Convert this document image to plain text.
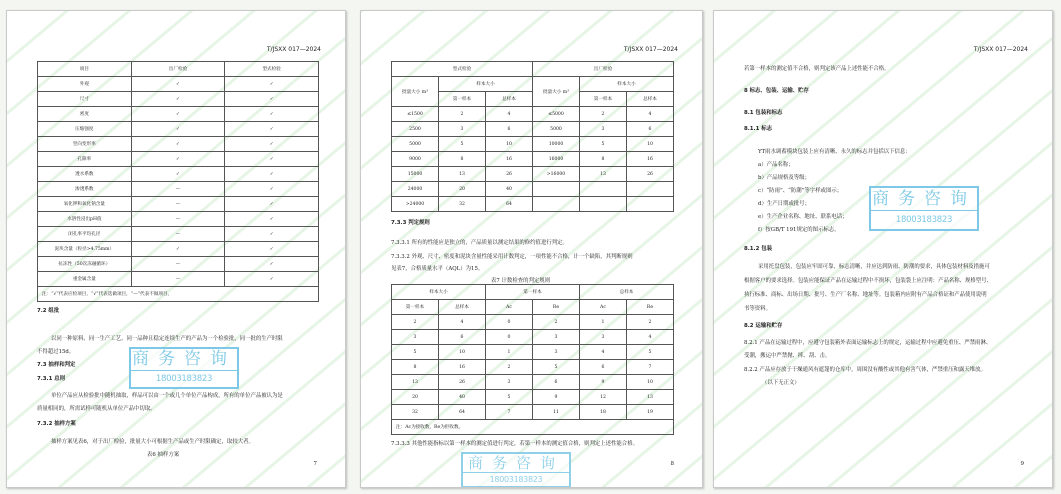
T/JSXX 017—2024
项目	出厂检验	型式检验
外观	✓	✓
尺寸	✓	✓
密度	✓	✓
压缩强度	✓	✓
竖向变形率	✓	✓
孔隙率	✓	✓
透水系数	✓	✓
渗透系数	—	✓
氧化钾和氧化钠含量	—	✓
水溶性浸出pH值	—	✓
闭孔率平均孔径	—	✓
泥块含量（粒径>4.75mm）	✓	✓
抗冻性（50次冻融循环）	—	✓
重金属含量	—	✓
注：“√”代表应检项目，“√”代表选做项目，“—”代表不做项目。		
7.2 组批
以同一种原料、同一生产工艺、同一品种且稳定连续生产的产品为一个检验批，同一批的生产时限
不得超过15d。
7.3 抽样和判定
7.3.1 总则
单位产品应从检验批中随机抽取，样品可以由一个或几个单位产品构成，所有的单位产品被认为是
质量相同的，所需试样可随机从单位产品中切取。
7.3.2 抽样方案
抽样方案见表6，对于出厂检验，批量大小可根据生产品或生产时限确定，取较大者。
表6 抽样方案
7
商务咨询
18003183823
T/JSXX 017—2024
型式检验			出厂检验		
批量大小 m³	样本大小		批量大小 m³	样本大小	
	第一样本	总样本		第一样本	总样本
≤1500	2	4	≤5000	2	4
2500	3	6	5000	3	6
5000	5	10	10000	5	10
9000	8	16	16000	8	16
15000	13	26	>16000	13	26
24000	20	40			
>24000	32	64			
7.3.3 判定规则
7.3.3.1 所有的性能应是独立的，产品质量以测定结果的修约值进行判定。
7.3.3.2 外观、尺寸、密度和泥块含量性能采用计数判定，一项性能不合格，计一个缺陷，其判断规则
见表7，合格质量水平（AQL）为15。
表7 计数检查的判定规则
样本大小		第一样本		总样本	
第一样本	总样本	Ac	Re	Ac	Re
2	4	0	2	1	2
3	6	0	3	3	4
5	10	1	3	4	5
8	16	2	5	6	7
13	26	3	6	9	10
20	40	5	9	12	13
32	64	7	11	18	19
注：Ac为接收数，Re为拒收数。					
7.3.3.3 其他性能指标以第一样本的测定值进行判定，若第一样本的测定值合格，则判定上述性能合格。
8
商务咨询
18003183823
T/JSXX 017—2024
若第一样本的测定值不合格，则判定该产品上述性能不合格。
8 标志、包装、运输、贮存
8.1 包装和标志
8.1.1 标志
YT雨水调蓄模块包装上应有清晰、永久的标志并包括以下信息：
a）产品名称；
b）产品规格及等级；
c）“防雨”、“防潮”等字样或图示；
d）生产日期或批号；
e）生产企业名称、地址、联系电话；
f）按GB/T 191规定的图示标志。
8.1.2 包装
采用托盘包装，包装应牢固可靠，标志清晰，并应达到防雨、防潮的要求，具体包装材料及措施可
根据客户的要求选择。包装应能保证产品在运输过程中不损坏，包装袋上应注明：产品名称、规格型号、
执行标准、商标、出场日期、批号、生产厂名称、地址等。包装箱内应附有产品合格证和产品使用说明
书等资料。
8.2 运输和贮存
8.2.1 产品在运输过程中，应遵守包装箱外表面运输标志上的规定，运输过程中应避免重压、严禁雨淋、
受潮，搬运中严禁抛、摔、刮、击。
8.2.2 产品应存放于干燥通风有遮篷的仓库中，周围没有酸性或其他有害气体，严禁重压和露天堆放。
（以下无正文）
9
商务咨询
18003183823
